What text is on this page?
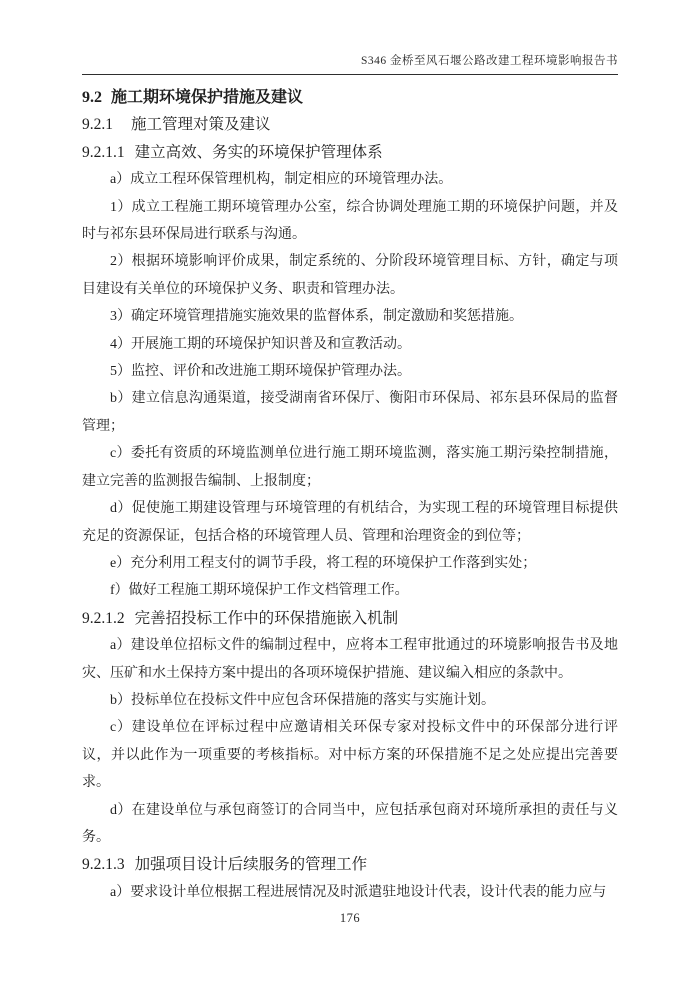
S346 金桥至风石堰公路改建工程环境影响报告书
9.2 施工期环境保护措施及建议
9.2.1 施工管理对策及建议
9.2.1.1 建立高效、务实的环境保护管理体系

a）成立工程环保管理机构，制定相应的环境管理办法。

1）成立工程施工期环境管理办公室，综合协调处理施工期的环境保护问题，并及时与祁东县环保局进行联系与沟通。

2）根据环境影响评价成果，制定系统的、分阶段环境管理目标、方针，确定与项目建设有关单位的环境保护义务、职责和管理办法。

3）确定环境管理措施实施效果的监督体系，制定激励和奖惩措施。

4）开展施工期的环境保护知识普及和宣教活动。

5）监控、评价和改进施工期环境保护管理办法。

b）建立信息沟通渠道，接受湖南省环保厅、衡阳市环保局、祁东县环保局的监督管理；

c）委托有资质的环境监测单位进行施工期环境监测，落实施工期污染控制措施，建立完善的监测报告编制、上报制度；

d）促使施工期建设管理与环境管理的有机结合，为实现工程的环境管理目标提供充足的资源保证，包括合格的环境管理人员、管理和治理资金的到位等；

e）充分利用工程支付的调节手段，将工程的环境保护工作落到实处；

f）做好工程施工期环境保护工作文档管理工作。

9.2.1.2 完善招投标工作中的环保措施嵌入机制

a）建设单位招标文件的编制过程中，应将本工程审批通过的环境影响报告书及地灾、压矿和水土保持方案中提出的各项环境保护措施、建议编入相应的条款中。

b）投标单位在投标文件中应包含环保措施的落实与实施计划。

c）建设单位在评标过程中应邀请相关环保专家对投标文件中的环保部分进行评议，并以此作为一项重要的考核指标。对中标方案的环保措施不足之处应提出完善要求。

d）在建设单位与承包商签订的合同当中，应包括承包商对环境所承担的责任与义务。

9.2.1.3 加强项目设计后续服务的管理工作

a）要求设计单位根据工程进展情况及时派遣驻地设计代表，设计代表的能力应与

176
